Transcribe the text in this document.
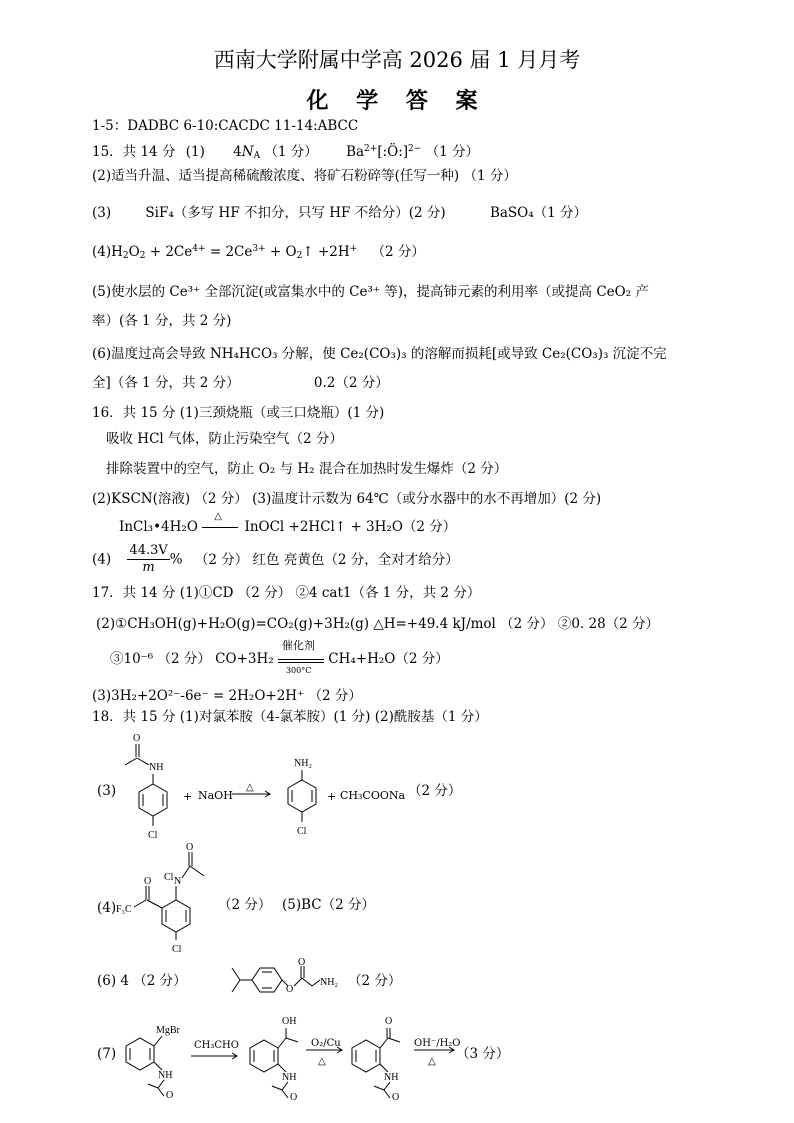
西南大学附属中学高 2026 届 1 月月考
化 学 答 案
1-5：DADBC 6-10:CACDC 11-14:ABCC
15．共 14 分 (1) $4N_A$ （1 分） $Ba^{2+}[:Ö:]^{2-}$ （1 分）
(2)适当升温、适当提高稀硫酸浓度、将矿石粉碎等(任写一种) （1 分）
(3)	SiF₄（多写 HF 不扣分，只写 HF 不给分）(2 分)	BaSO₄（1 分）
$(4)H_2O_2 + 2Ce^{4+} = 2Ce^{3+}$ + $O_2↑ +2H^+$ （2 分）
(5)使水层的 Ce³⁺ 全部沉淀(或富集水中的 Ce³⁺ 等)，提高铈元素的利用率（或提高 CeO₂ 产
率）(各 1 分，共 2 分)
(6)温度过高会导致 NH₄HCO₃ 分解，使 Ce₂(CO₃)₃ 的溶解而损耗[或导致 Ce₂(CO₃)₃ 沉淀不完
全]（各 1 分，共 2 分）	0.2（2 分）
16．共 15 分 (1)三颈烧瓶（或三口烧瓶）(1 分)
吸收 HCl 气体，防止污染空气（2 分）
排除装置中的空气，防止 O₂ 与 H₂ 混合在加热时发生爆炸（2 分）
(2)KSCN(溶液) （2 分） (3)温度计示数为 64℃（或分水器中的水不再增加）(2 分)
InCl₃•4H₂O
△
InOCl +2HCl↑ + 3H₂O（2 分）
$(4) \frac{44.3V}{m}$ % （2 分） 红色 亮黄色（2 分，全对才给分）
17．共 14 分 (1)①CD （2 分） ②4 cat1（各 1 分，共 2 分）
(2)①CH₃OH(g)+H₂O(g)=CO₂(g)+3H₂(g) △H=+49.4 kJ/mol （2 分） ②0. 28（2 分）
③10⁻⁶ （2 分） CO+3H₂
催化剂
300°C
CH₄+H₂O（2 分）
(3)3H₂+2O²⁻-6e⁻ = 2H₂O+2H⁺ （2 分）
18．共 15 分 (1)对氯苯胺（4-氯苯胺）(1 分) (2)酰胺基（1 分）
(3)
O
NH
Cl
+ NaOH
△
NH₂
Cl
+ CH₃COONa （2 分）
(4) F₃C
O
Cl
Cl N
O
（2 分） (5)BC（2 分）
(6) 4 （2 分）
O
O
NH₂ （2 分）
(7)
MgBr
NH
O
CH₃CHO
OH
NH
O
O₂/Cu
△
O
NH
O
OH⁻/H₂O
△ （3 分）
